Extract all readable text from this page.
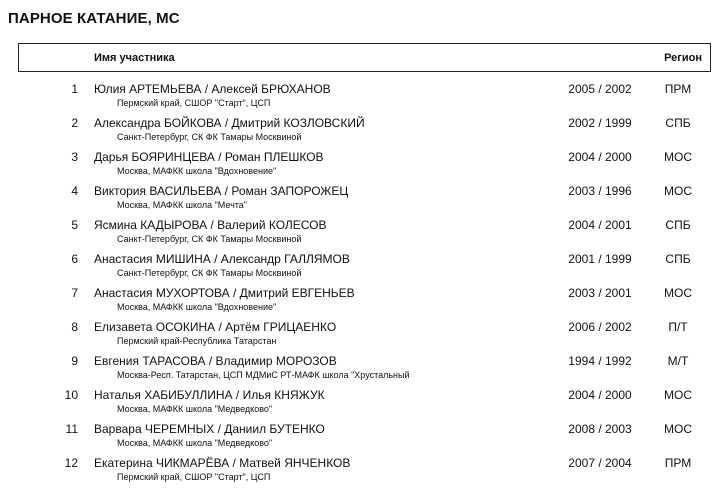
ПАРНОЕ КАТАНИЕ, МС
Имя участника	Регион
1 Юлия АРТЕМЬЕВА / Алексей БРЮХАНОВ
Пермский край, СШОР "Старт", ЦСП
2005 / 2002	ПРМ
2 Александра БОЙКОВА / Дмитрий КОЗЛОВСКИЙ
Санкт-Петербург, СК ФК Тамары Москвиной
2002 / 1999	СПБ
3 Дарья БОЯРИНЦЕВА / Роман ПЛЕШКОВ
Москва, МАФКК школа "Вдохновение"
2004 / 2000	МОС
4 Виктория ВАСИЛЬЕВА / Роман ЗАПОРОЖЕЦ
Москва, МАФКК школа "Мечта"
2003 / 1996	МОС
5 Ясмина КАДЫРОВА / Валерий КОЛЕСОВ
Санкт-Петербург, СК ФК Тамары Москвиной
2004 / 2001	СПБ
6 Анастасия МИШИНА / Александр ГАЛЛЯМОВ
Санкт-Петербург, СК ФК Тамары Москвиной
2001 / 1999	СПБ
7 Анастасия МУХОРТОВА / Дмитрий ЕВГЕНЬЕВ
Москва, МАФКК школа "Вдохновение"
2003 / 2001	МОС
8 Елизавета ОСОКИНА / Артём ГРИЦАЕНКО
Пермский край-Республика Татарстан
2006 / 2002	П/Т
9 Евгения ТАРАСОВА / Владимир МОРОЗОВ
Москва-Респ. Татарстан, ЦСП МДМиС РТ-МАФК школа "Хрустальный
1994 / 1992	М/Т
10 Наталья ХАБИБУЛЛИНА / Илья КНЯЖУК
Москва, МАФКК школа "Медведково"
2004 / 2000	МОС
11 Варвара ЧЕРЕМНЫХ / Даниил БУТЕНКО
Москва, МАФКК школа "Медведково"
2008 / 2003	МОС
12 Екатерина ЧИКМАРЁВА / Матвей ЯНЧЕНКОВ
Пермский край, СШОР "Старт", ЦСП
2007 / 2004	ПРМ
